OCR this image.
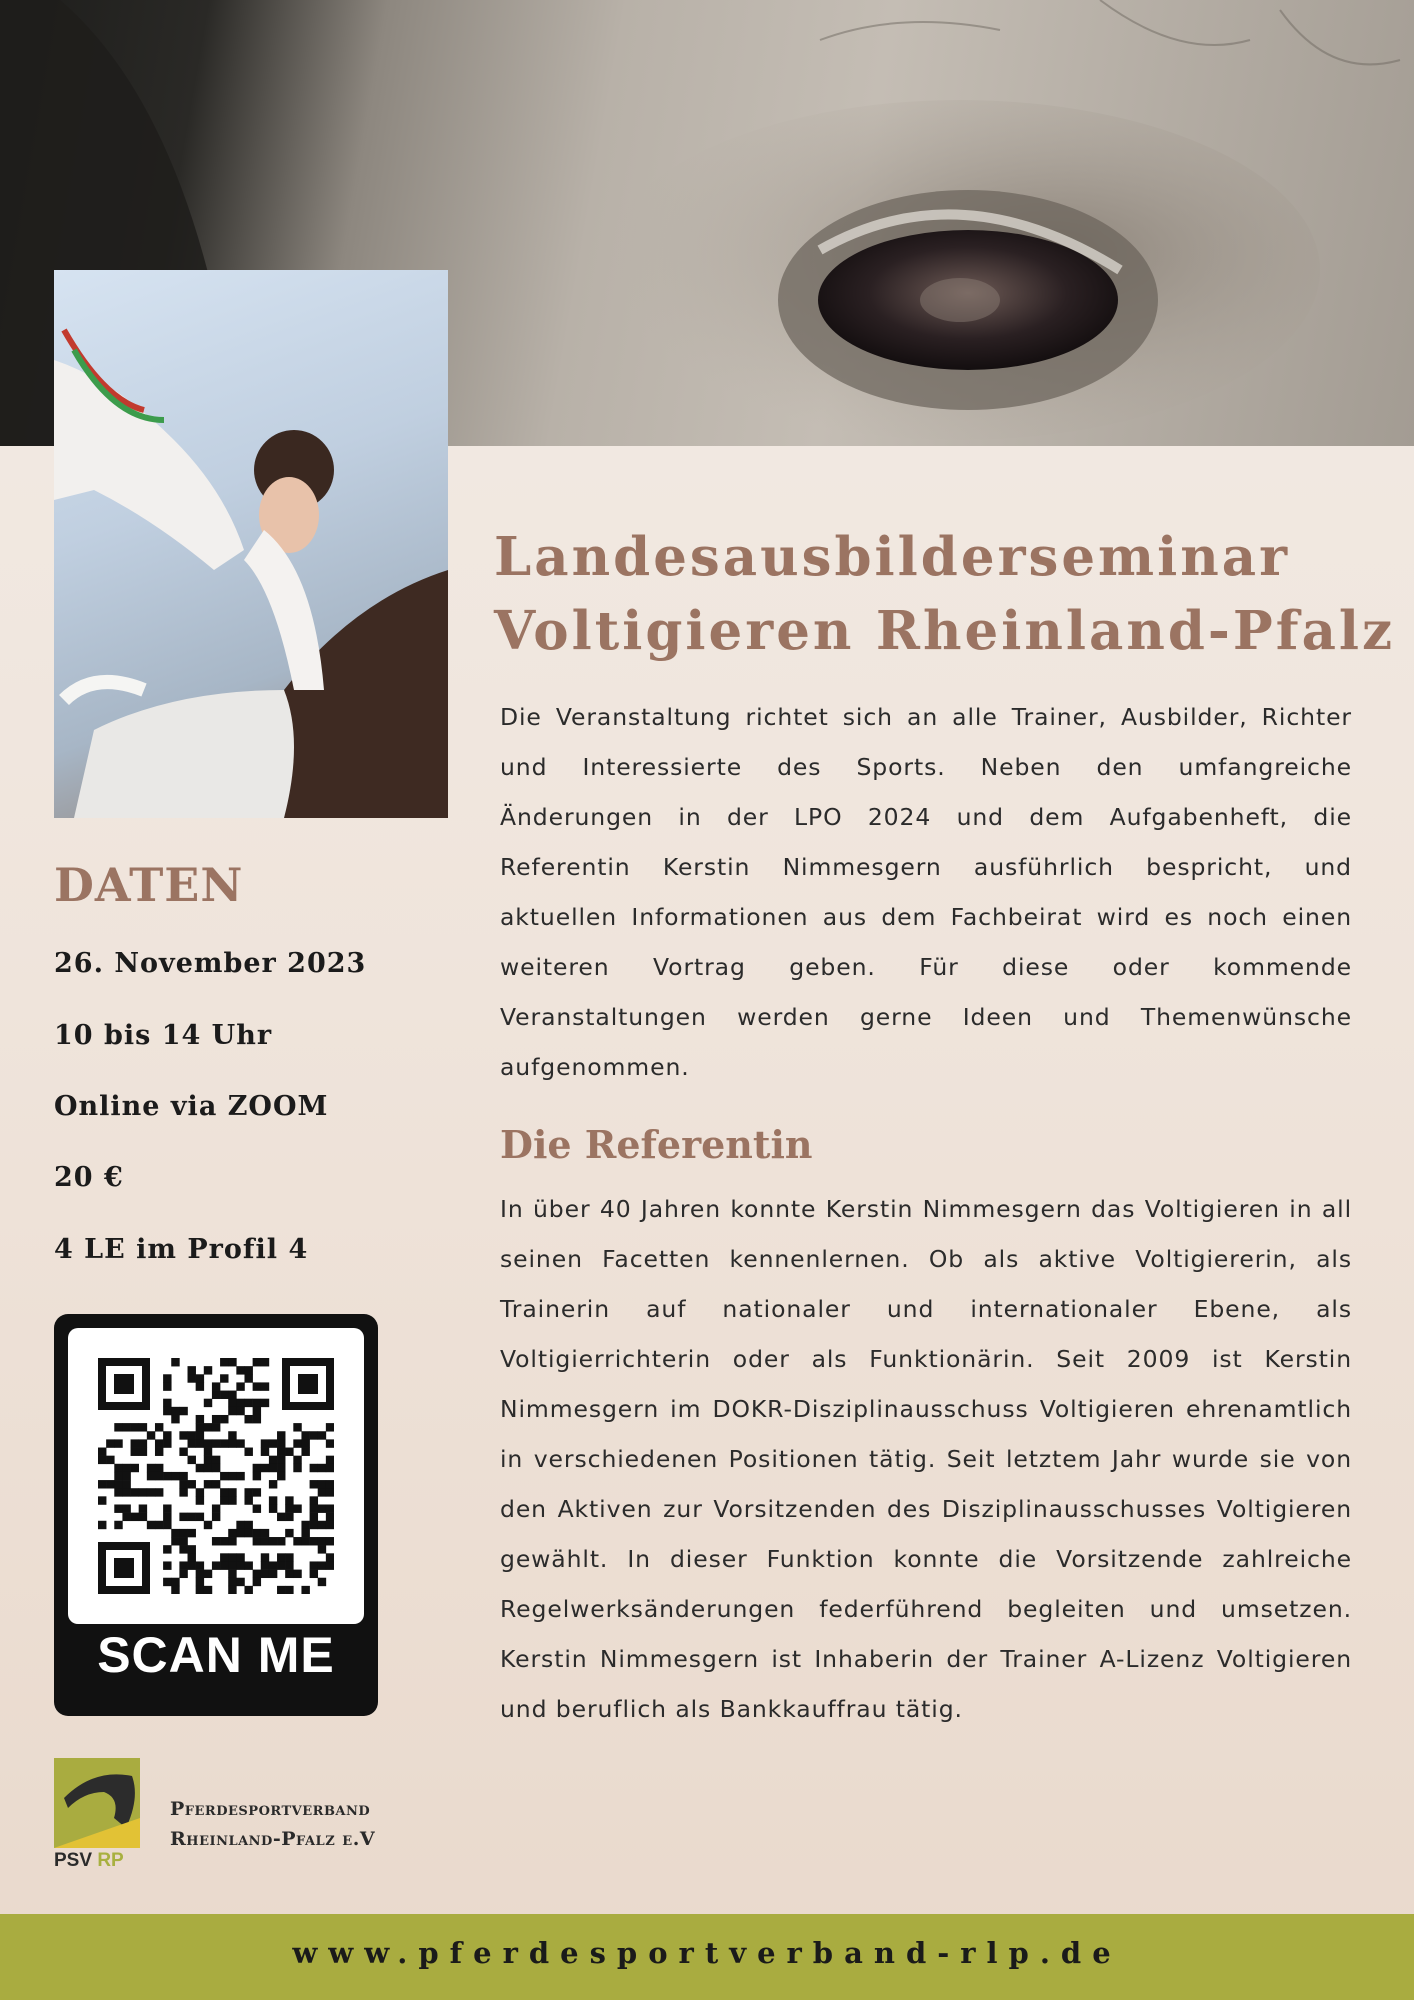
DATEN

26. November 2023

10 bis 14 Uhr

Online via ZOOM

20 €

4 LE im Profil 4

SCAN ME

PSV RP

Pferdesportverband
Rheinland-Pfalz e.V

Landesausbilderseminar
Voltigieren Rheinland-Pfalz

Die Veranstaltung richtet sich an alle Trainer, Ausbilder, Richter und Interessierte des Sports. Neben den umfangreiche Änderungen in der LPO 2024 und dem Aufgabenheft, die Referentin Kerstin Nimmesgern ausführlich bespricht, und aktuellen Informationen aus dem Fachbeirat wird es noch einen weiteren Vortrag geben. Für diese oder kommende Veranstaltungen werden gerne Ideen und Themenwünsche aufgenommen.

Die Referentin

In über 40 Jahren konnte Kerstin Nimmesgern das Voltigieren in all seinen Facetten kennenlernen. Ob als aktive Voltigiererin, als Trainerin auf nationaler und internationaler Ebene, als Voltigierrichterin oder als Funktionärin. Seit 2009 ist Kerstin Nimmesgern im DOKR-Disziplinausschuss Voltigieren ehrenamtlich in verschiedenen Positionen tätig. Seit letztem Jahr wurde sie von den Aktiven zur Vorsitzenden des Disziplinausschusses Voltigieren gewählt. In dieser Funktion konnte die Vorsitzende zahlreiche Regelwerksänderungen federführend begleiten und umsetzen. Kerstin Nimmesgern ist Inhaberin der Trainer A-Lizenz Voltigieren und beruflich als Bankkauffrau tätig.

www.pferdesportverband-rlp.de
